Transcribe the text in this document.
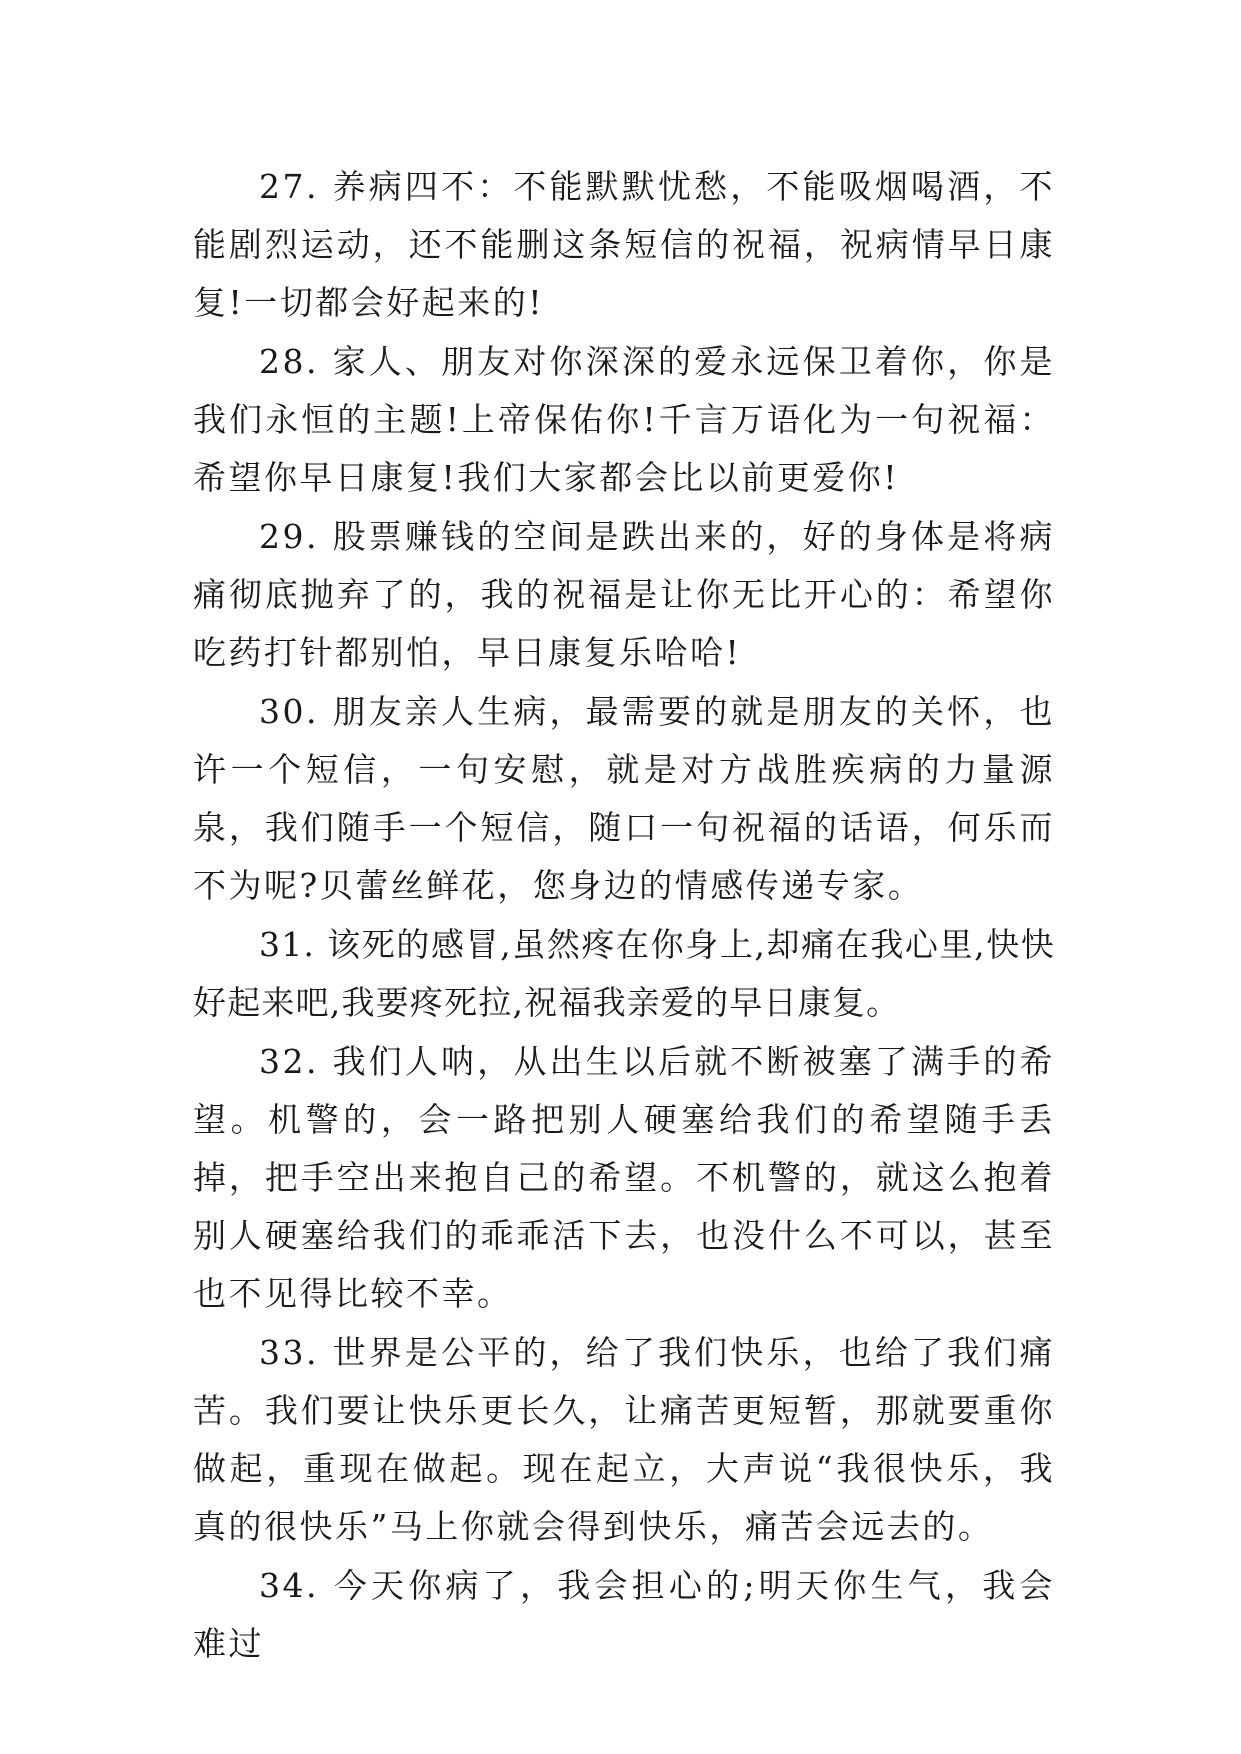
27. 养病四不：不能默默忧愁，不能吸烟喝酒，不能剧烈运动，还不能删这条短信的祝福，祝病情早日康复!一切都会好起来的!

28. 家人、朋友对你深深的爱永远保卫着你，你是我们永恒的主题!上帝保佑你!千言万语化为一句祝福：希望你早日康复!我们大家都会比以前更爱你!

29. 股票赚钱的空间是跌出来的，好的身体是将病痛彻底抛弃了的，我的祝福是让你无比开心的：希望你吃药打针都别怕，早日康复乐哈哈!

30. 朋友亲人生病，最需要的就是朋友的关怀，也许一个短信，一句安慰，就是对方战胜疾病的力量源泉，我们随手一个短信，随口一句祝福的话语，何乐而不为呢?贝蕾丝鲜花，您身边的情感传递专家。

31. 该死的感冒,虽然疼在你身上,却痛在我心里,快快好起来吧,我要疼死拉,祝福我亲爱的早日康复。

32. 我们人呐，从出生以后就不断被塞了满手的希望。机警的，会一路把别人硬塞给我们的希望随手丢掉，把手空出来抱自己的希望。不机警的，就这么抱着别人硬塞给我们的乖乖活下去，也没什么不可以，甚至也不见得比较不幸。

33. 世界是公平的，给了我们快乐，也给了我们痛苦。我们要让快乐更长久，让痛苦更短暂，那就要重你做起，重现在做起。现在起立，大声说“我很快乐，我真的很快乐”马上你就会得到快乐，痛苦会远去的。

34. 今天你病了，我会担心的;明天你生气，我会难过
